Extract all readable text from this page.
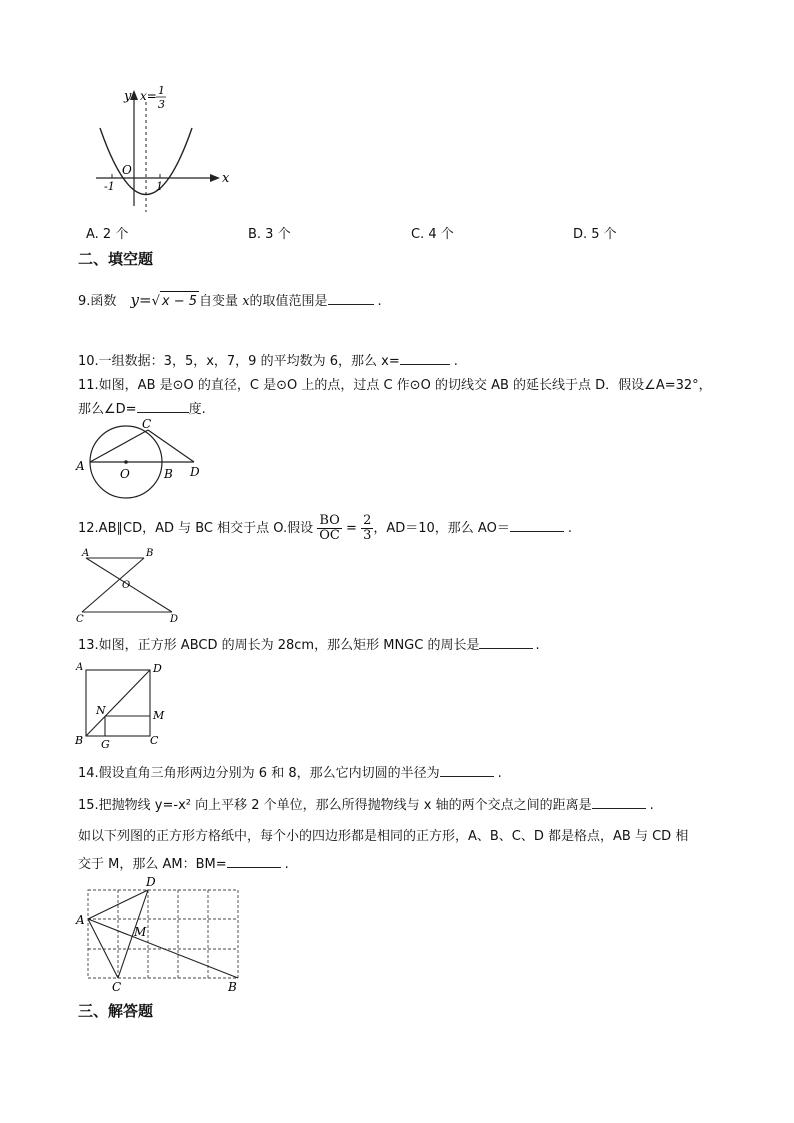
y x= 1
3
O
x
-1	1
A. 2 个	B. 3 个	C. 4 个	D. 5 个
二、填空题
9.函数 y=√ x − 5 自变量 x的取值范围是	.
10.一组数据：3，5，x，7，9 的平均数为 6，那么 x=	.
11.如图，AB 是⊙O 的直径，C 是⊙O 上的点，过点 C 作⊙O 的切线交 AB 的延长线于点 D．假设∠A=32°，
那么∠D=	度.
A
O	B
C
D
12.AB∥CD，AD 与 BC 相交于点 O.假设 $\frac{BO}{OC} = \frac{2}{3}$ ，AD＝10，那么 AO＝	.
A	B
O
C	D
13.如图，正方形 ABCD 的周长为 28cm，那么矩形 MNGC 的周长是	.
A	D
N	M
B G	C
14.假设直角三角形两边分别为 6 和 8，那么它内切圆的半径为	.
15.把抛物线 y=-x² 向上平移 2 个单位，那么所得抛物线与 x 轴的两个交点之间的距离是	.
如以下列图的正方形方格纸中，每个小的四边形都是相同的正方形，A、B、C、D 都是格点，AB 与 CD 相
交于 M，那么 AM：BM=	.
A
D
M
C	B
三、解答题
